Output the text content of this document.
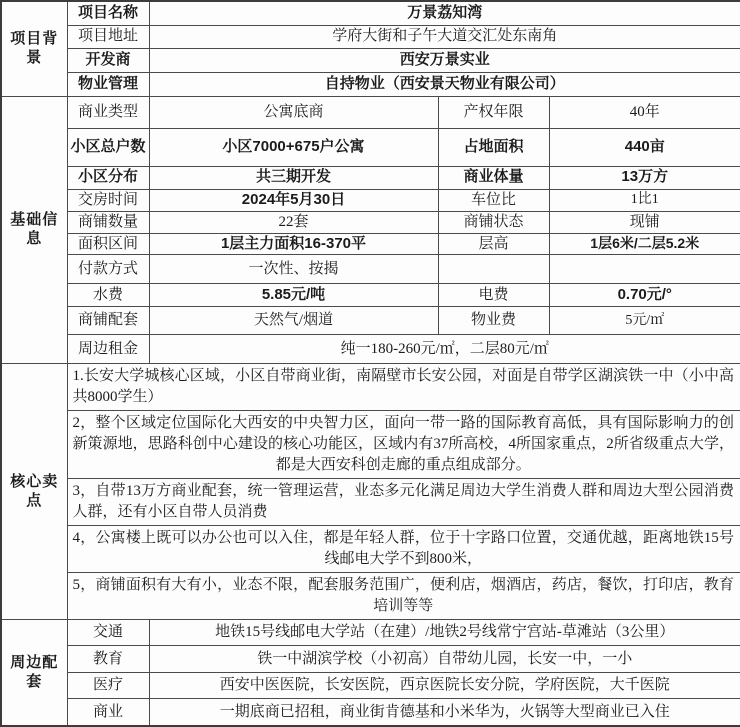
项目背景	项目名称	万景荔知湾		
	项目地址	学府大街和子午大道交汇处东南角		
	开发商	西安万景实业		
	物业管理	自持物业（西安景天物业有限公司）		
基础信息	商业类型	公寓底商	产权年限	40年
	小区总户数	小区7000+675户公寓	占地面积	440亩
	小区分布	共三期开发	商业体量	13万方
	交房时间	2024年5月30日	车位比	1比1
	商铺数量	22套	商铺状态	现铺
	面积区间	1层主力面积16-370平	层高	1层6米/二层5.2米
	付款方式	一次性、按揭		
	水费	5.85元/吨	电费	0.70元/°
	商铺配套	天然气/烟道	物业费	5元/㎡
	周边租金	纯一180-260元/㎡，二层80元/㎡		
核心卖点	1.长安大学城核心区域，小区自带商业街，南隔壁市长安公园，对面是自带学区湖滨铁一中（小中高共8000学生）			
	2，整个区域定位国际化大西安的中央智力区，面向一带一路的国际教育高低，具有国际影响力的创新策源地，思路科创中心建设的核心功能区，区域内有37所高校，4所国家重点，2所省级重点大学，都是大西安科创走廊的重点组成部分。			
	3，自带13万方商业配套，统一管理运营，业态多元化满足周边大学生消费人群和周边大型公园消费人群，还有小区自带人员消费			
	4，公寓楼上既可以办公也可以入住，都是年轻人群，位于十字路口位置，交通优越，距离地铁15号线邮电大学不到800米，			
	5，商铺面积有大有小，业态不限，配套服务范围广，便利店，烟酒店，药店，餐饮，打印店，教育培训等等			
周边配套	交通	地铁15号线邮电大学站（在建）/地铁2号线常宁宫站-草滩站（3公里）		
	教育	铁一中湖滨学校（小初高）自带幼儿园，长安一中，一小		
	医疗	西安中医医院，长安医院，西京医院长安分院，学府医院，大千医院		
	商业	一期底商已招租，商业街肯德基和小米华为，火锅等大型商业已入住		
